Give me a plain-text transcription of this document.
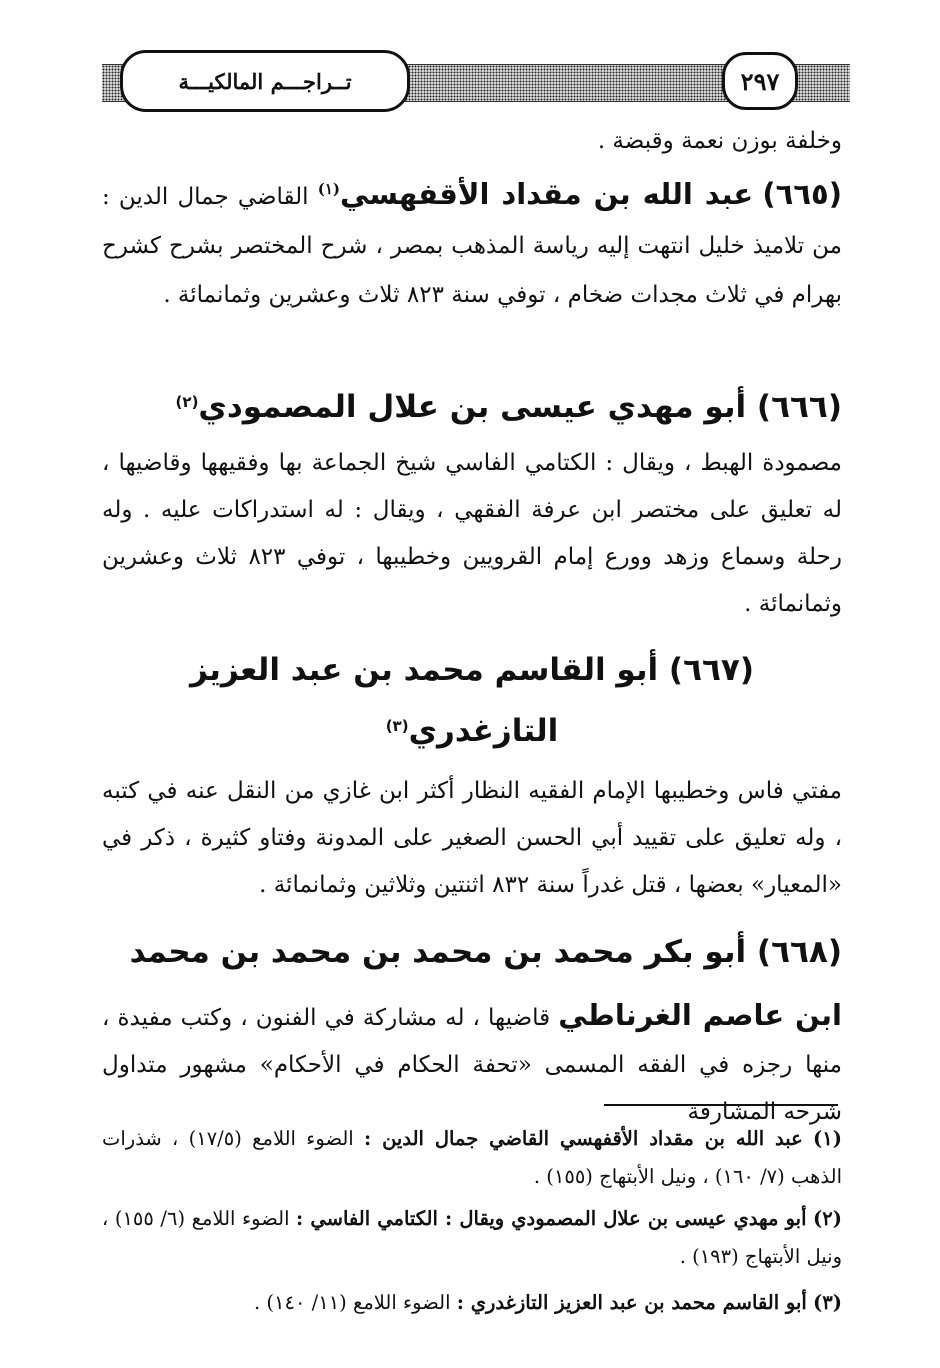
٢٩٧
تــراجـــم المالكيـــة
وخلفة بوزن نعمة وقبضة .
(٦٦٥) عبد الله بن مقداد الأقفهسي$^{(١)}$ القاضي جمال الدين : من تلاميذ خليل انتهت إليه رياسة المذهب بمصر ، شرح المختصر بشرح كشرح بهرام في ثلاث مجدات ضخام ، توفي سنة ٨٢٣ ثلاث وعشرين وثمانمائة .
(٦٦٦) أبو مهدي عيسى بن علال المصمودي$^{(٢)}$
مصمودة الهبط ، ويقال : الكتامي الفاسي شيخ الجماعة بها وفقيهها وقاضيها ، له تعليق على مختصر ابن عرفة الفقهي ، ويقال : له استدراكات عليه . وله رحلة وسماع وزهد وورع إمام القرويين وخطيبها ، توفي ٨٢٣ ثلاث وعشرين وثمانمائة .
(٦٦٧) أبو القاسم محمد بن عبد العزيز
التازغدري$^{(٣)}$
مفتي فاس وخطيبها الإمام الفقيه النظار أكثر ابن غازي من النقل عنه في كتبه ، وله تعليق على تقييد أبي الحسن الصغير على المدونة وفتاو كثيرة ، ذكر في «المعيار» بعضها ، قتل غدراً سنة ٨٣٢ اثنتين وثلاثين وثمانمائة .
(٦٦٨) أبو بكر محمد بن محمد بن محمد بن محمد
ابن عاصم الغرناطي قاضيها ، له مشاركة في الفنون ، وكتب مفيدة ، منها رجزه في الفقه المسمى «تحفة الحكام في الأحكام» مشهور متداول شرحه المشارقة
(١) عبد الله بن مقداد الأقفهسي القاضي جمال الدين : الضوء اللامع (١٧/٥) ، شذرات الذهب (٧/ ١٦٠) ، ونيل الأبتهاج (١٥٥) .
(٢) أبو مهدي عيسى بن علال المصمودي ويقال : الكتامي الفاسي : الضوء اللامع (٦/ ١٥٥) ، ونيل الأبتهاج (١٩٣) .
(٣) أبو القاسم محمد بن عبد العزيز التازغدري : الضوء اللامع (١١/ ١٤٠) .
